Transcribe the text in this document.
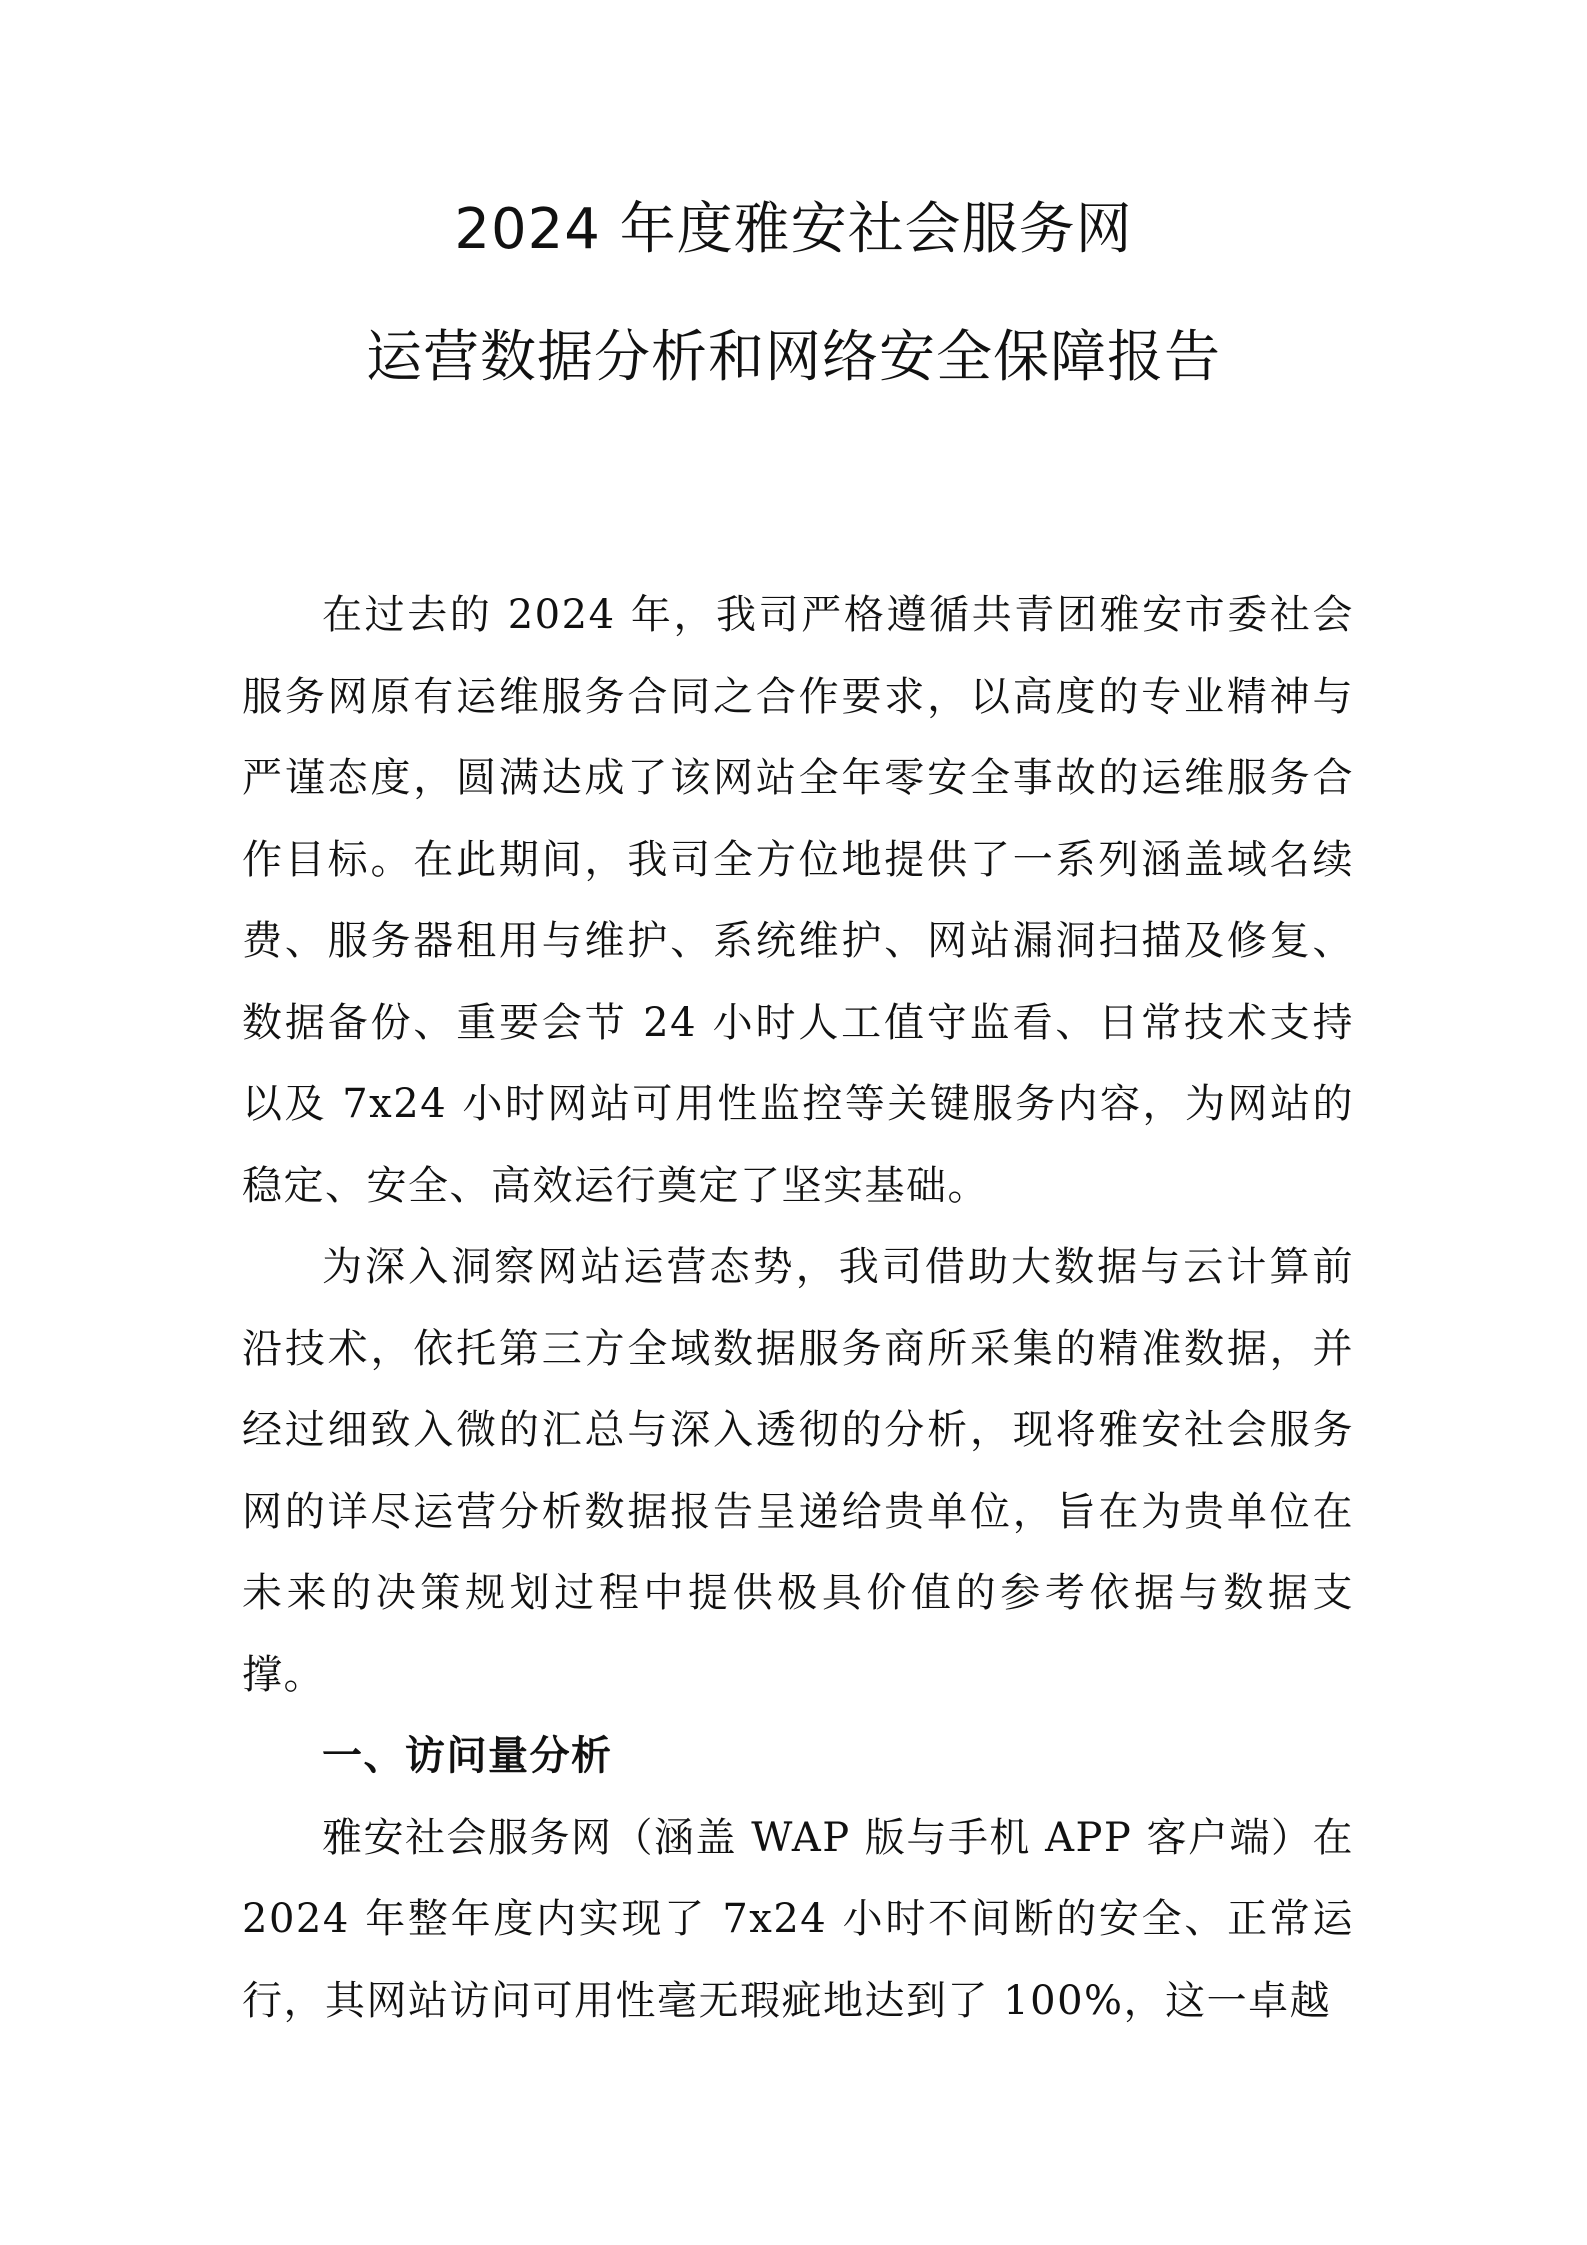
2024 年度雅安社会服务网
运营数据分析和网络安全保障报告

在过去的 2024 年，我司严格遵循共青团雅安市委社会服务网原有运维服务合同之合作要求，以高度的专业精神与严谨态度，圆满达成了该网站全年零安全事故的运维服务合作目标。在此期间，我司全方位地提供了一系列涵盖域名续费、服务器租用与维护、系统维护、网站漏洞扫描及修复、数据备份、重要会节 24 小时人工值守监看、日常技术支持以及 7x24 小时网站可用性监控等关键服务内容，为网站的稳定、安全、高效运行奠定了坚实基础。

为深入洞察网站运营态势，我司借助大数据与云计算前沿技术，依托第三方全域数据服务商所采集的精准数据，并经过细致入微的汇总与深入透彻的分析，现将雅安社会服务网的详尽运营分析数据报告呈递给贵单位，旨在为贵单位在未来的决策规划过程中提供极具价值的参考依据与数据支撑。

一、访问量分析

雅安社会服务网（涵盖 WAP 版与手机 APP 客户端）在 2024 年整年度内实现了 7x24 小时不间断的安全、正常运行，其网站访问可用性毫无瑕疵地达到了 100%，这一卓越
